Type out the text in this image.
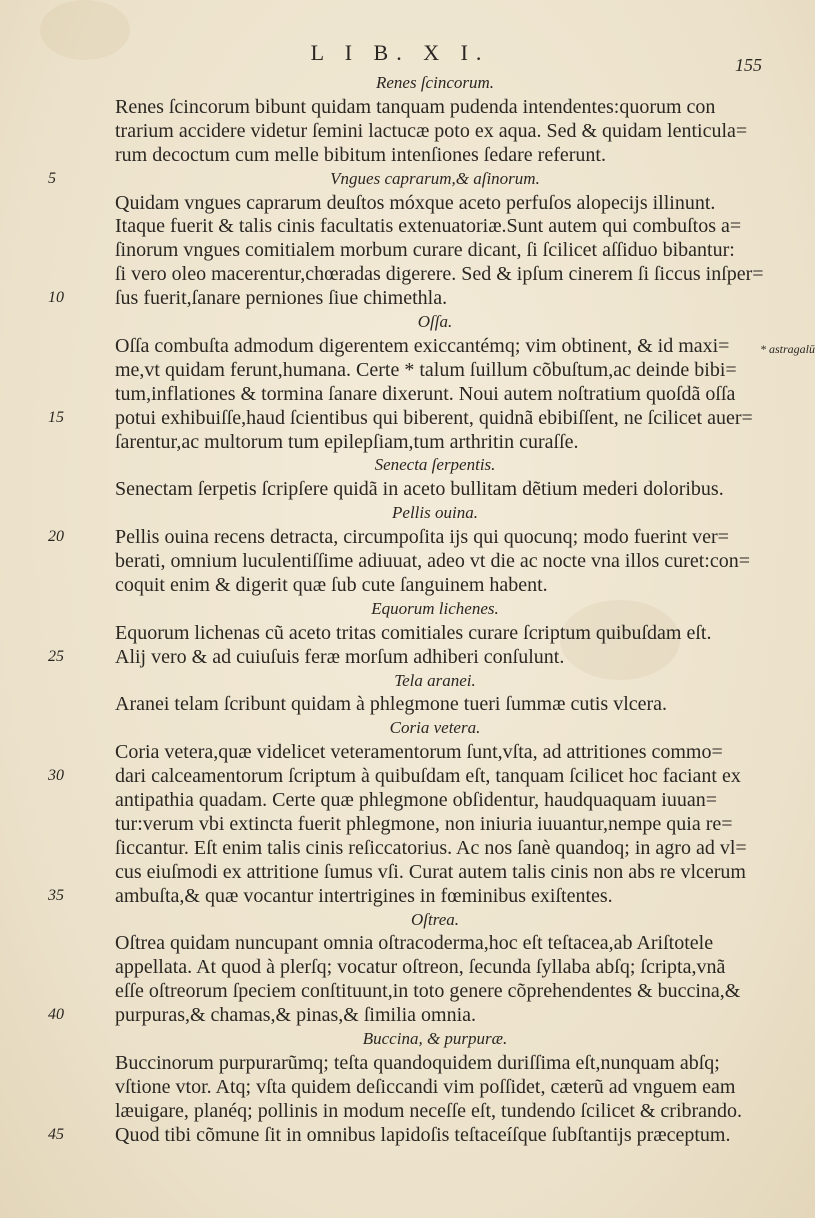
L I B. X I.	155
Renes ſcincorum.
Renes ſcincorum bibunt quidam tanquam pudenda intendentes:quorum con
trarium accidere videtur ſemini lactucæ poto ex aqua. Sed & quidam lenticula=
rum decoctum cum melle bibitum intenſiones ſedare referunt.
Vngues caprarum,& aſinorum.
5
Quidam vngues caprarum deuſtos móxque aceto perfuſos alopecijs illinunt.
Itaque fuerit & talis cinis facultatis extenuatoriæ.Sunt autem qui combuſtos a=
ſinorum vngues comitialem morbum curare dicant, ſi ſcilicet aſſiduo bibantur:
ſi vero oleo macerentur,chœradas digerere. Sed & ipſum cinerem ſi ſiccus inſper=
ſus fuerit,ſanare perniones ſiue chimethla.
10
Oſſa.
Oſſa combuſta admodum digerentem exiccantémq; vim obtinent, & id maxi=
me,vt quidam ferunt,humana. Certe * talum ſuillum cõbuſtum,ac deinde bibi=
tum,inflationes & tormina ſanare dixerunt. Noui autem noſtratium quoſdã oſſa
potui exhibuiſſe,haud ſcientibus qui biberent, quidnã ebibiſſent, ne ſcilicet auer=
15
ſarentur,ac multorum tum epilepſiam,tum arthritin curaſſe.
Senecta ſerpentis.
Senectam ſerpetis ſcripſere quidã in aceto bullitam dẽtium mederi doloribus.
Pellis ouina.
Pellis ouina recens detracta, circumpoſita ijs qui quocunq; modo fuerint ver=
20
berati, omnium luculentiſſime adiuuat, adeo vt die ac nocte vna illos curet:con=
coquit enim & digerit quæ ſub cute ſanguinem habent.
Equorum lichenes.
Equorum lichenas cũ aceto tritas comitiales curare ſcriptum quibuſdam eſt.
Alij vero & ad cuiuſuis feræ morſum adhiberi conſulunt.
25
Tela aranei.
Aranei telam ſcribunt quidam à phlegmone tueri ſummæ cutis vlcera.
Coria vetera.
Coria vetera,quæ videlicet veteramentorum ſunt,vſta, ad attritiones commo=
dari calceamentorum ſcriptum à quibuſdam eſt, tanquam ſcilicet hoc faciant ex
30
antipathia quadam. Certe quæ phlegmone obſidentur, haudquaquam iuuan=
tur:verum vbi extincta fuerit phlegmone, non iniuria iuuantur,nempe quia re=
ſiccantur. Eſt enim talis cinis reſiccatorius. Ac nos ſanè quandoq; in agro ad vl=
cus eiuſmodi ex attritione ſumus vſi. Curat autem talis cinis non abs re vlcerum
ambuſta,& quæ vocantur intertrigines in fœminibus exiſtentes.
35
Oſtrea.
Oſtrea quidam nuncupant omnia oſtracoderma,hoc eſt teſtacea,ab Ariſtotele
appellata. At quod à plerſq; vocatur oſtreon, ſecunda ſyllaba abſq; ſcripta,vnã
eſſe oſtreorum ſpeciem conſtituunt,in toto genere cõprehendentes & buccina,&
purpuras,& chamas,& pinas,& ſimilia omnia.
40
Buccina, & purpuræ.
Buccinorum purpurarũmq; teſta quandoquidem duriſſima eſt,nunquam abſq;
vſtione vtor. Atq; vſta quidem deſiccandi vim poſſidet, cæterũ ad vnguem eam
læuigare, planéq; pollinis in modum neceſſe eſt, tundendo ſcilicet & cribrando.
Quod tibi cõmune ſit in omnibus lapidoſis teſtaceíſque ſubſtantijs præceptum.
45
* astragalū
